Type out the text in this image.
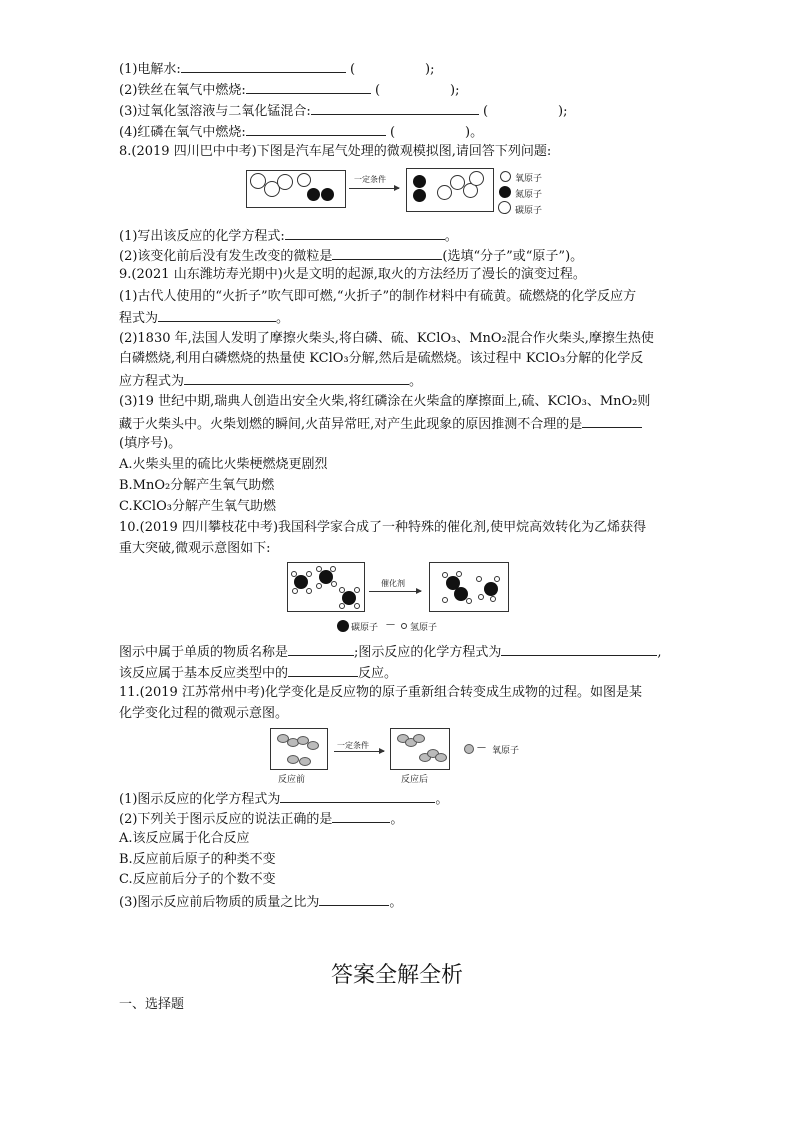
(1)电解水:	(	);
(2)铁丝在氧气中燃烧:	(	);
(3)过氧化氢溶液与二氧化锰混合:	(	);
(4)红磷在氧气中燃烧:	(	)。
8.(2019 四川巴中中考)下图是汽车尾气处理的微观模拟图,请回答下列问题:
一定条件	氧原子
氮原子
碳原子
(1)写出该反应的化学方程式:	。
(2)该变化前后没有发生改变的微粒是	(选填“分子”或“原子”)。
9.(2021 山东潍坊寿光期中)火是文明的起源,取火的方法经历了漫长的演变过程。
(1)古代人使用的“火折子”吹气即可燃,“火折子”的制作材料中有硫黄。硫燃烧的化学反应方
程式为	。
(2)1830 年,法国人发明了摩擦火柴头,将白磷、硫、KClO₃、MnO₂混合作火柴头,摩擦生热使
白磷燃烧,利用白磷燃烧的热量使 KClO₃分解,然后是硫燃烧。该过程中 KClO₃分解的化学反
应方程式为	。
(3)19 世纪中期,瑞典人创造出安全火柴,将红磷涂在火柴盒的摩擦面上,硫、KClO₃、MnO₂则
藏于火柴头中。火柴划燃的瞬间,火苗异常旺,对产生此现象的原因推测不合理的是
(填序号)。
A.火柴头里的硫比火柴梗燃烧更剧烈
B.MnO₂分解产生氧气助燃
C.KClO₃分解产生氧气助燃
10.(2019 四川攀枝花中考)我国科学家合成了一种特殊的催化剂,使甲烷高效转化为乙烯获得
重大突破,微观示意图如下:
催化剂
碳原子 — 氢原子
图示中属于单质的物质名称是	;图示反应的化学方程式为	,
该反应属于基本反应类型中的	反应。
11.(2019 江苏常州中考)化学变化是反应物的原子重新组合转变成生成物的过程。如图是某
化学变化过程的微观示意图。
反应前
一定条件
反应后
— 氧原子
(1)图示反应的化学方程式为	。
(2)下列关于图示反应的说法正确的是	。
A.该反应属于化合反应
B.反应前后原子的种类不变
C.反应前后分子的个数不变
(3)图示反应前后物质的质量之比为	。
答案全解全析
一、选择题
